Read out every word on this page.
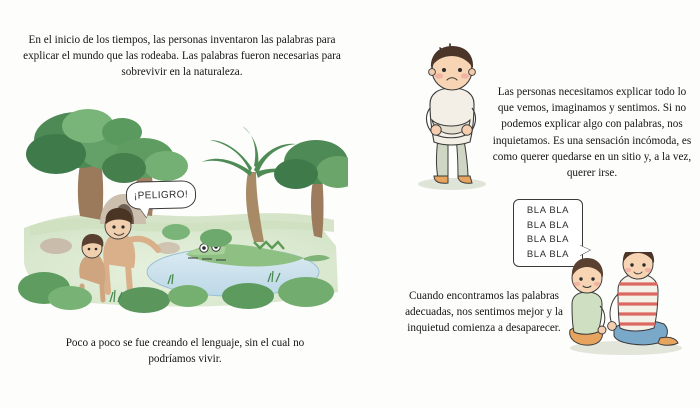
En el inicio de los tiempos, las personas inventaron las palabras para explicar el mundo que las rodeaba. Las palabras fueron necesarias para sobrevivir en la naturaleza.

¡PELIGRO!

Poco a poco se fue creando el lenguaje, sin el cual no podríamos vivir.

Las personas necesitamos explicar todo lo que vemos, imaginamos y sentimos. Si no podemos explicar algo con palabras, nos inquietamos. Es una sensación incómoda, es como querer quedarse en un sitio y, a la vez, querer irse.

BLA BLA
BLA BLA
BLA BLA
BLA BLA

Cuando encontramos las palabras adecuadas, nos sentimos mejor y la inquietud comienza a desaparecer.
